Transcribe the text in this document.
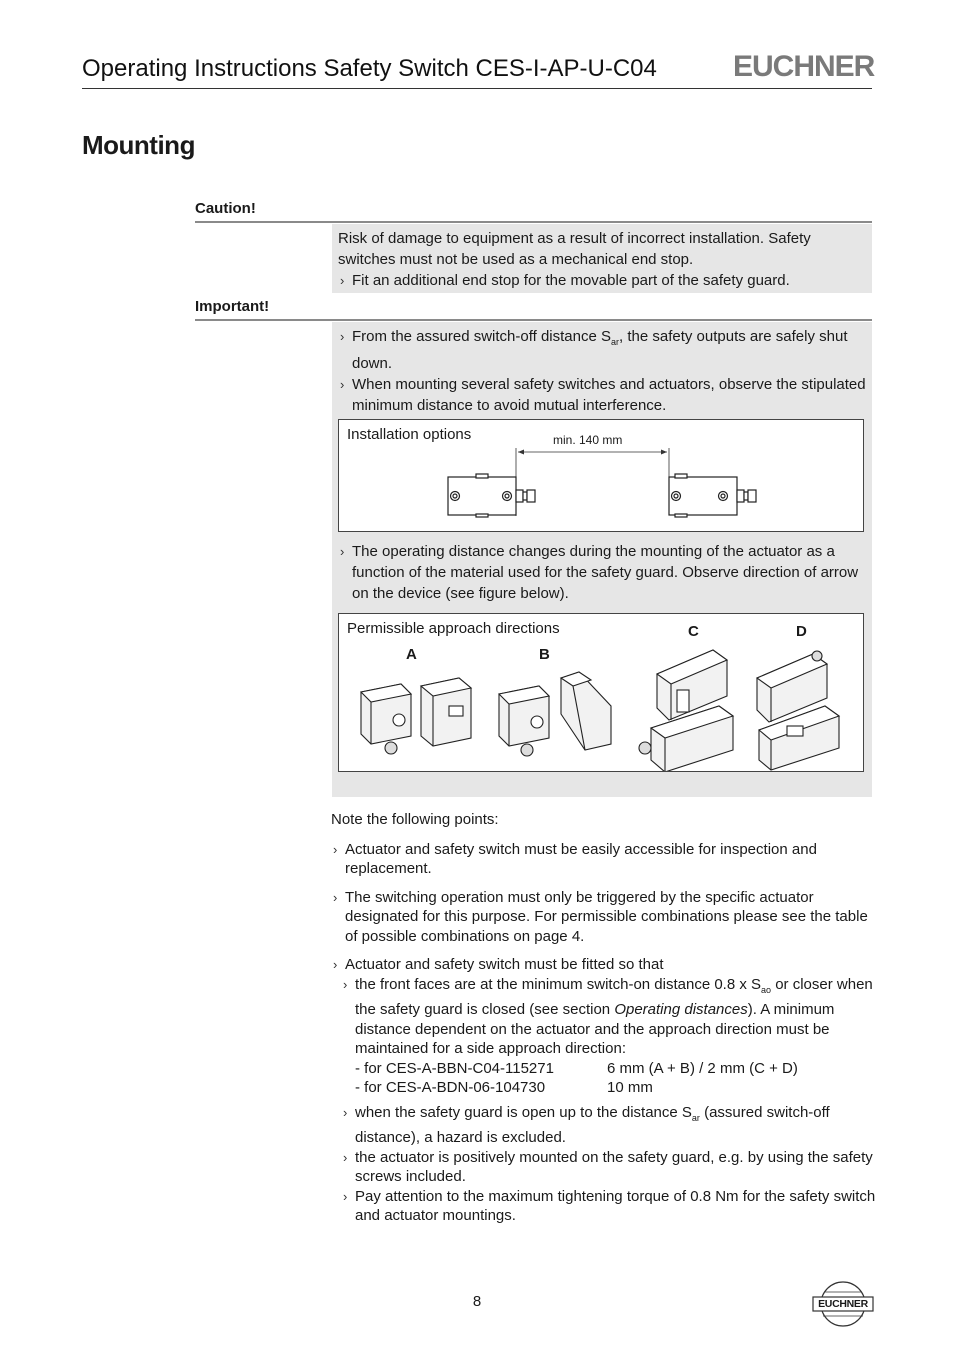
Operating Instructions Safety Switch CES-I-AP-U-C04	EUCHNER
Mounting
Caution!
Risk of damage to equipment as a result of incorrect installation. Safety switches must not be used as a mechanical end stop.
› Fit an additional end stop for the movable part of the safety guard.
Important!
› From the assured switch-off distance $S_{ar}$, the safety outputs are safely shut down.
› When mounting several safety switches and actuators, observe the stipulated minimum distance to avoid mutual interference.
Installation options	min. 140 mm
› The operating distance changes during the mounting of the actuator as a function of the material used for the safety guard. Observe direction of arrow on the device (see figure below).
Permissible approach directions
A	B
C	D

Note the following points:

› Actuator and safety switch must be easily accessible for inspection and replacement.

› The switching operation must only be triggered by the specific actuator designated for this purpose. For permissible combinations please see the table of possible combinations on page 4.

› Actuator and safety switch must be fitted so that

› the front faces are at the minimum switch-on distance 0.8 x $S_{ao}$ or closer when the safety guard is closed (see section Operating distances). A minimum distance dependent on the actuator and the approach direction must be maintained for a side approach direction:

- for CES-A-BBN-C04-115271	6 mm (A + B) / 2 mm (C + D)
- for CES-A-BDN-06-104730	10 mm

› when the safety guard is open up to the distance $S_{ar}$ (assured switch-off distance), a hazard is excluded.

› the actuator is positively mounted on the safety guard, e.g. by using the safety screws included.

› Pay attention to the maximum tightening torque of 0.8 Nm for the safety switch and actuator mountings.

8	EUCHNER
